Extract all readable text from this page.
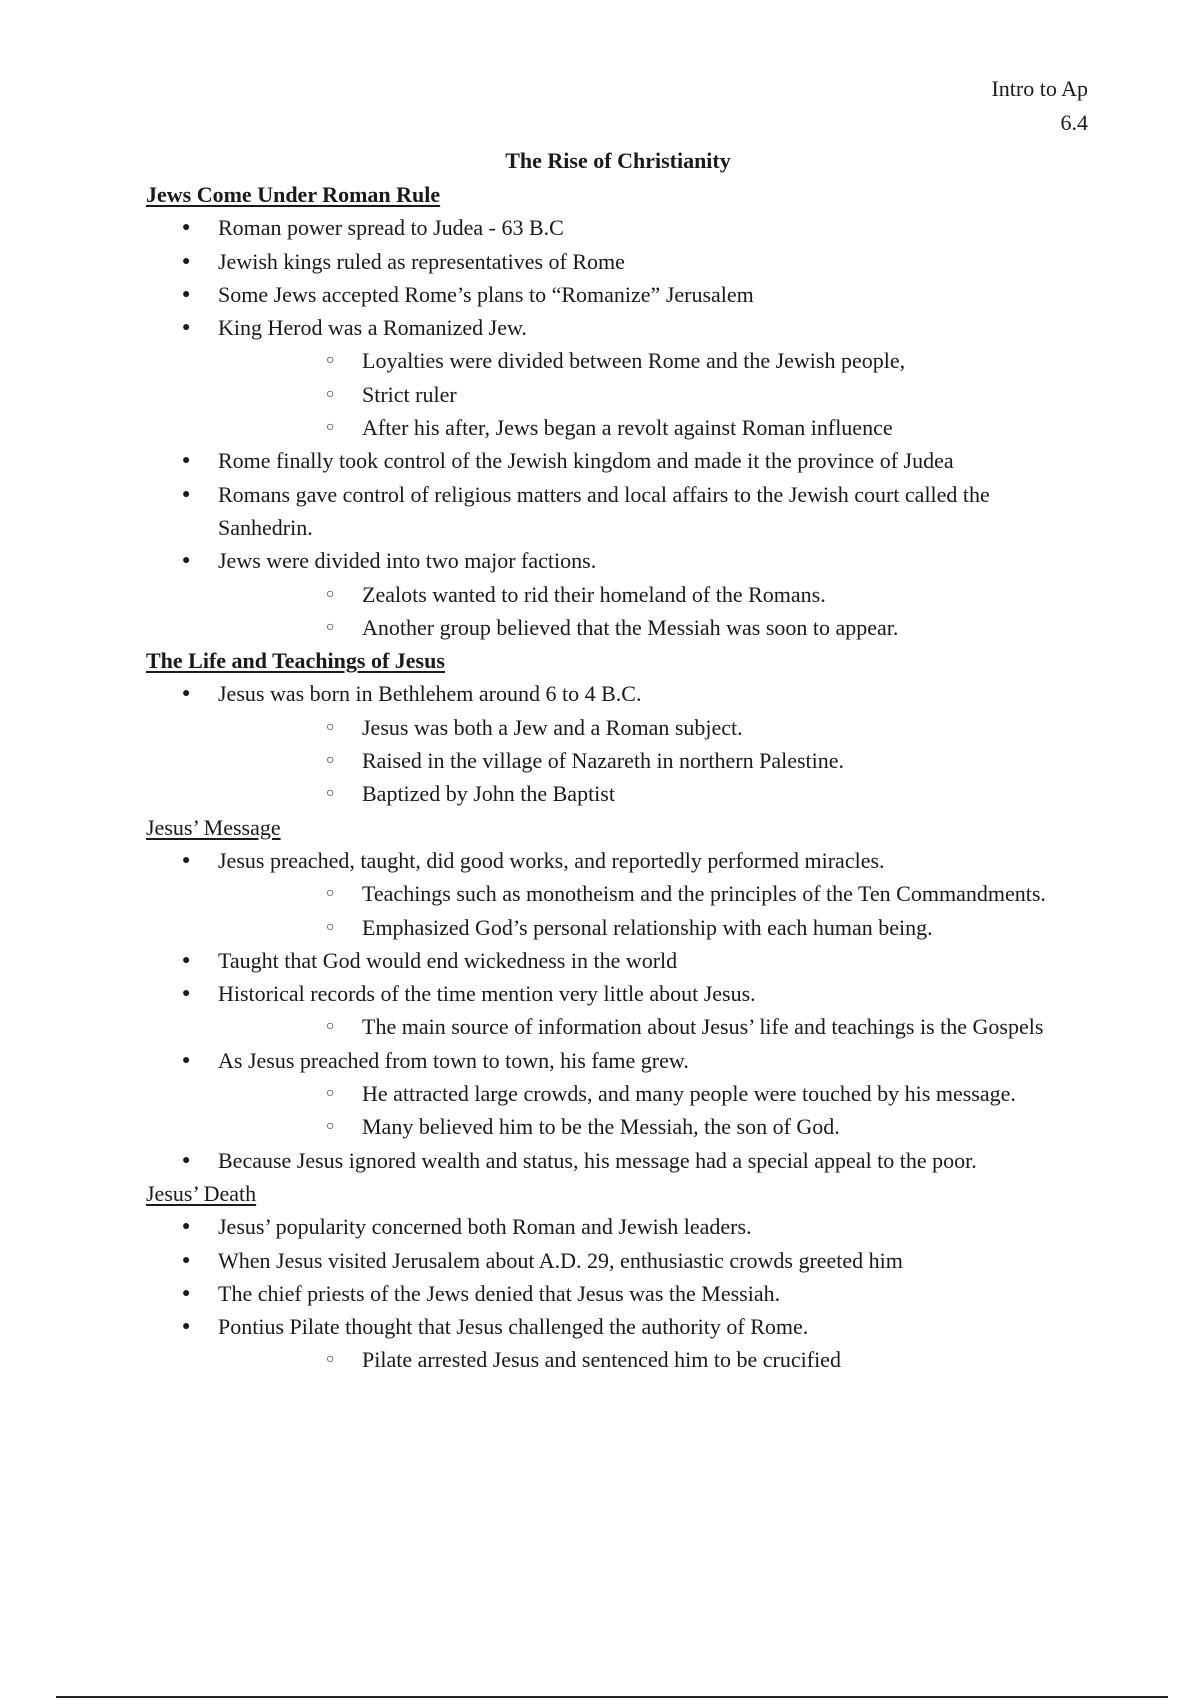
Intro to Ap
6.4
The Rise of Christianity
Jews Come Under Roman Rule
● Roman power spread to Judea - 63 B.C
● Jewish kings ruled as representatives of Rome
● Some Jews accepted Rome’s plans to “Romanize” Jerusalem
● King Herod was a Romanized Jew.
○ Loyalties were divided between Rome and the Jewish people,
○ Strict ruler
○ After his after, Jews began a revolt against Roman influence
● Rome finally took control of the Jewish kingdom and made it the province of Judea
● Romans gave control of religious matters and local affairs to the Jewish court called the Sanhedrin.
● Jews were divided into two major factions.
○ Zealots wanted to rid their homeland of the Romans.
○ Another group believed that the Messiah was soon to appear.
The Life and Teachings of Jesus
● Jesus was born in Bethlehem around 6 to 4 B.C.
○ Jesus was both a Jew and a Roman subject.
○ Raised in the village of Nazareth in northern Palestine.
○ Baptized by John the Baptist
Jesus’ Message
● Jesus preached, taught, did good works, and reportedly performed miracles.
○ Teachings such as monotheism and the principles of the Ten Commandments.
○ Emphasized God’s personal relationship with each human being.
● Taught that God would end wickedness in the world
● Historical records of the time mention very little about Jesus.
○ The main source of information about Jesus’ life and teachings is the Gospels
● As Jesus preached from town to town, his fame grew.
○ He attracted large crowds, and many people were touched by his message.
○ Many believed him to be the Messiah, the son of God.
● Because Jesus ignored wealth and status, his message had a special appeal to the poor.
Jesus’ Death
● Jesus’ popularity concerned both Roman and Jewish leaders.
● When Jesus visited Jerusalem about A.D. 29, enthusiastic crowds greeted him
● The chief priests of the Jews denied that Jesus was the Messiah.
● Pontius Pilate thought that Jesus challenged the authority of Rome.
○ Pilate arrested Jesus and sentenced him to be crucified
